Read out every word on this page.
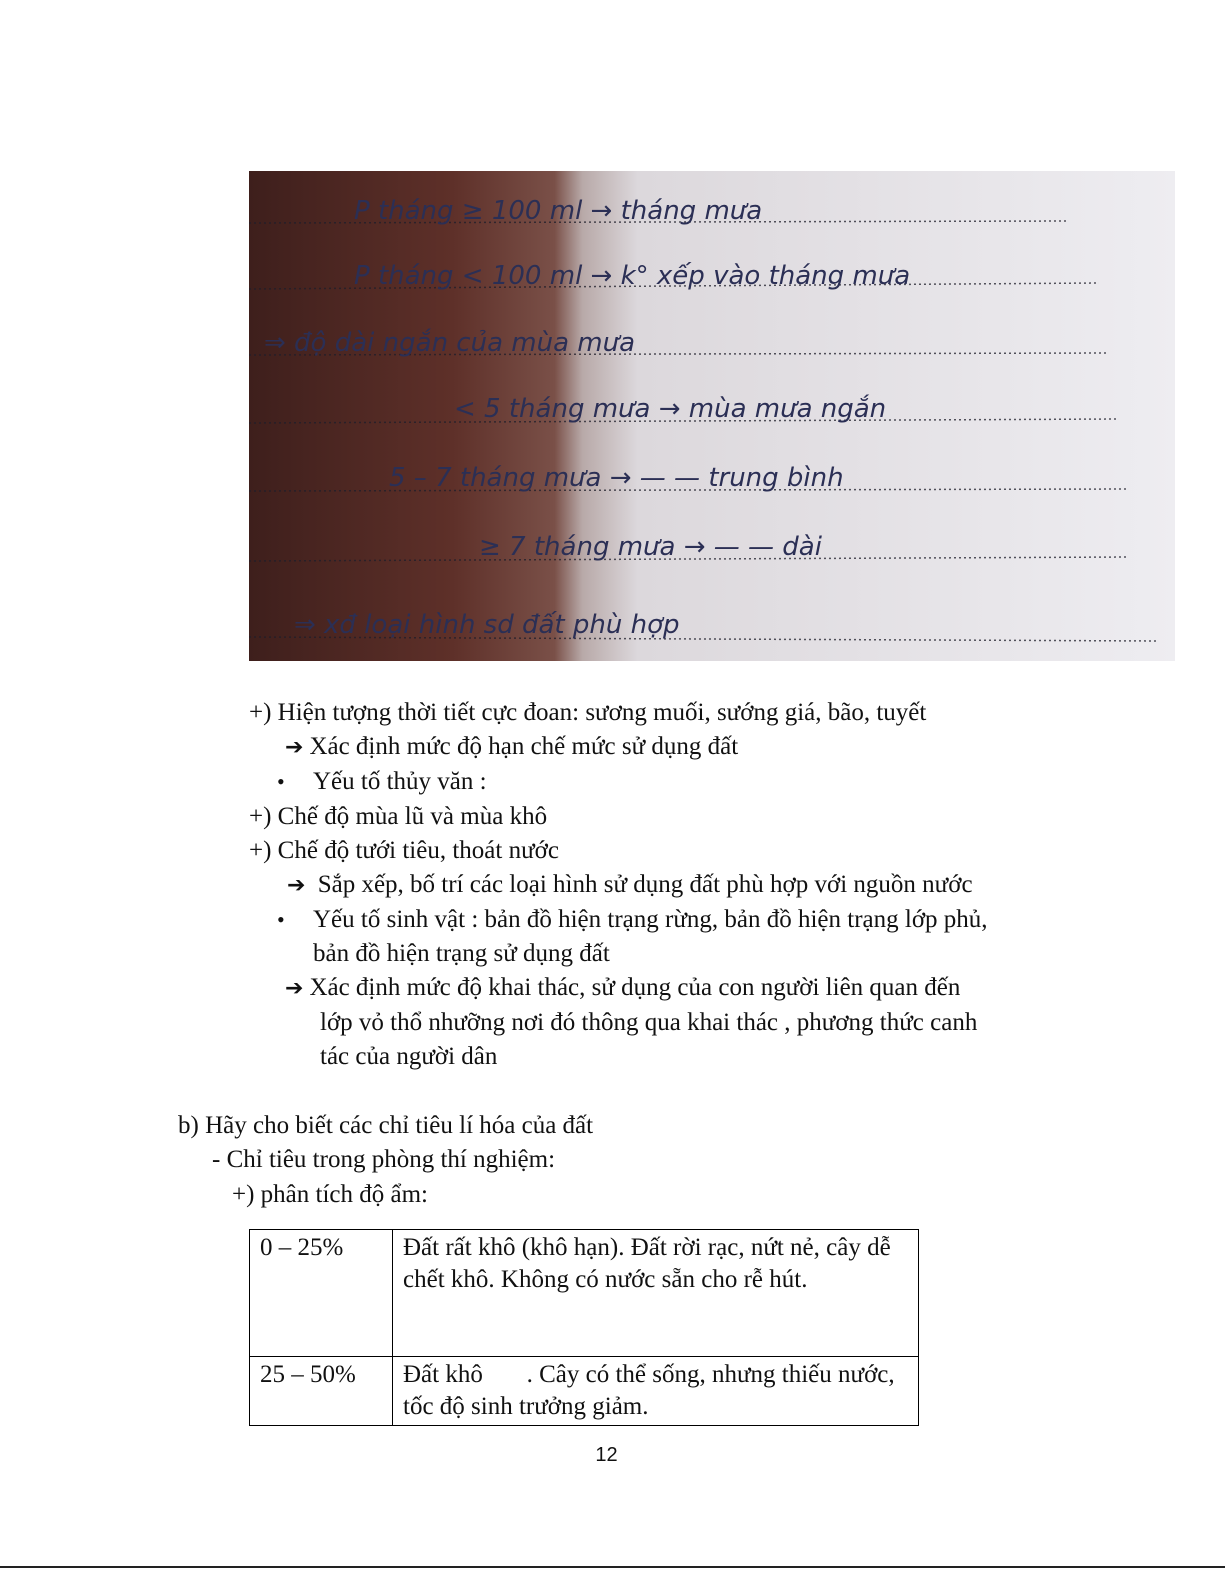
P tháng ≥ 100 ml → tháng mưa
P tháng < 100 ml → k° xếp vào tháng mưa
⇒ độ dài ngắn của mùa mưa
< 5 tháng mưa → mùa mưa ngắn
5 – 7 tháng mưa → — — trung bình
≥ 7 tháng mưa → — — dài
⇒ xđ loại hình sd đất phù hợp
+) Hiện tượng thời tiết cực đoan: sương muối, sướng giá, bão, tuyết
➔ Xác định mức độ hạn chế mức sử dụng đất
• Yếu tố thủy văn :
+) Chế độ mùa lũ và mùa khô
+) Chế độ tưới tiêu, thoát nước
➔ Sắp xếp, bố trí các loại hình sử dụng đất phù hợp với nguồn nước
• Yếu tố sinh vật : bản đồ hiện trạng rừng, bản đồ hiện trạng lớp phủ,
bản đồ hiện trạng sử dụng đất
➔ Xác định mức độ khai thác, sử dụng của con người liên quan đến
lớp vỏ thổ nhưỡng nơi đó thông qua khai thác , phương thức canh
tác của người dân
b) Hãy cho biết các chỉ tiêu lí hóa của đất
- Chỉ tiêu trong phòng thí nghiệm:
+) phân tích độ ẩm:
0 – 25%	Đất rất khô (khô hạn). Đất rời rạc, nứt nẻ, cây dễ chết khô. Không có nước sẵn cho rễ hút.
25 – 50%	Đất khô       . Cây có thể sống, nhưng thiếu nước, tốc độ sinh trưởng giảm.
12
